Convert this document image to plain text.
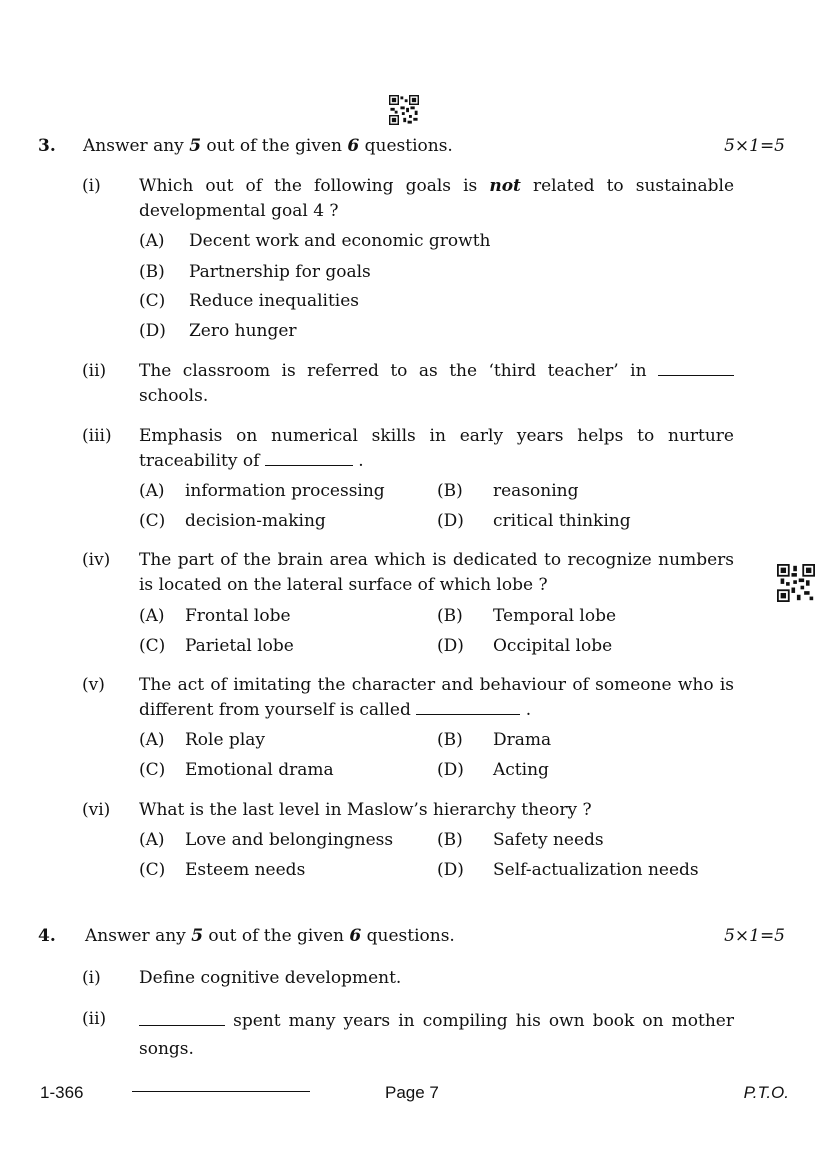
3. Answer any 5 out of the given 6 questions.	5×1=5
(i) Which out of the following goals is not related to sustainable developmental goal 4 ?
(A) Decent work and economic growth
(B) Partnership for goals
(C) Reduce inequalities
(D) Zero hunger
(ii) The classroom is referred to as the ‘third teacher’ in  schools.
(iii) Emphasis on numerical skills in early years helps to nurture traceability of	.
(A) information processing	(B) reasoning
(C) decision-making	(D) critical thinking
(iv) The part of the brain area which is dedicated to recognize numbers is located on the lateral surface of which lobe ?
(A) Frontal lobe	(B) Temporal lobe
(C) Parietal lobe	(D) Occipital lobe
(v) The act of imitating the character and behaviour of someone who is different from yourself is called	.
(A) Role play	(B) Drama
(C) Emotional drama	(D) Acting
(vi) What is the last level in Maslow’s hierarchy theory ?
(A) Love and belongingness	(B) Safety needs
(C) Esteem needs	(D) Self-actualization needs
4. Answer any 5 out of the given 6 questions.	5×1=5
(i) Define cognitive development.
(ii)	spent many years in compiling his own book on mother songs.
1-366	Page 7	P.T.O.
